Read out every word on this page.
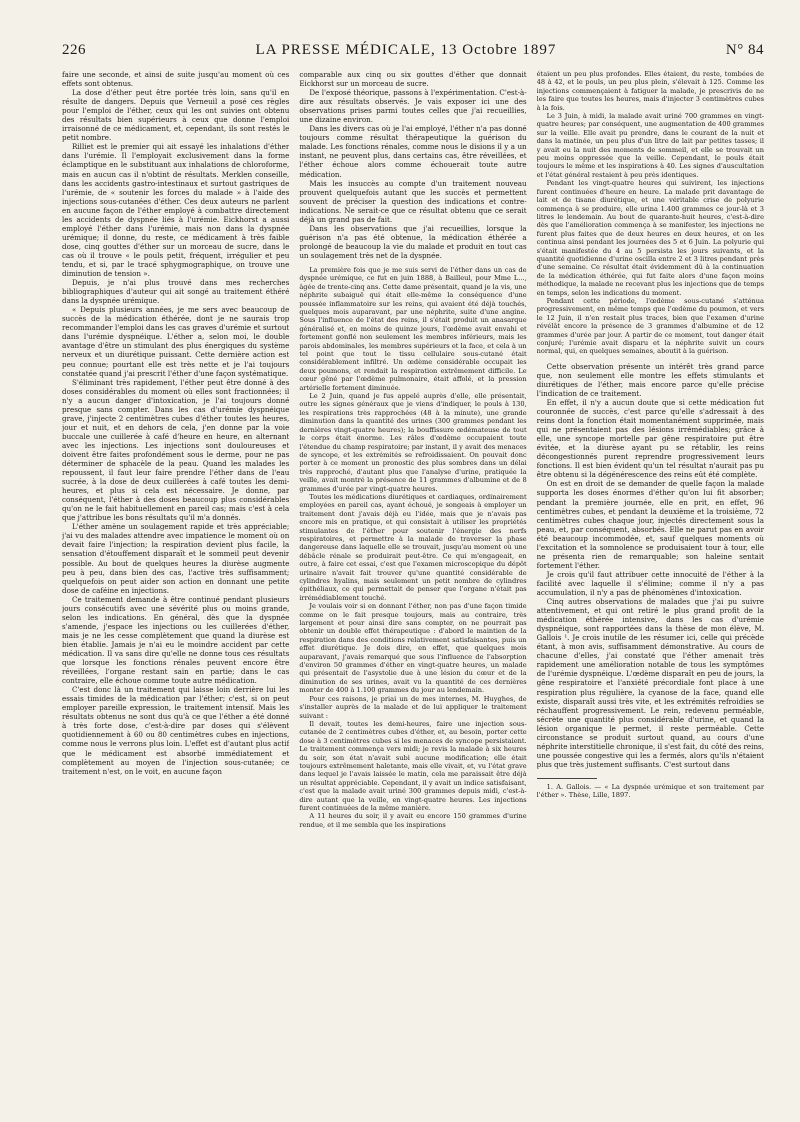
226	LA PRESSE MÉDICALE, 13 Octobre 1897	N° 84

faire une seconde, et ainsi de suite jusqu'au moment où ces effets sont obtenus.

La dose d'éther peut être portée très loin, sans qu'il en résulte de dangers. Depuis que Verneuil a posé ces règles pour l'emploi de l'éther, ceux qui les ont suivies ont obtenu des résultats bien supérieurs à ceux que donne l'emploi irraisonné de ce médicament, et, cependant, ils sont restés le petit nombre.

Rilliet est le premier qui ait essayé les inhalations d'éther dans l'urémie. Il l'employait exclusivement dans la forme éclamptique en le substituant aux inhalations de chloroforme, mais en aucun cas il n'obtint de résultats. Merklen conseille, dans les accidents gastro-intestinaux et surtout gastriques de l'urémie, de « soutenir les forces du malade » à l'aide des injections sous-cutanées d'éther. Ces deux auteurs ne parlent en aucune façon de l'éther employé à combattre directement les accidents de dyspnée liés à l'urémie. Eickhorst a aussi employé l'éther dans l'urémie, mais non dans la dyspnée urémique; il donne, du reste, ce médicament à très faible dose, cinq gouttes d'éther sur un morceau de sucre, dans le cas où il trouve « le pouls petit, fréquent, irrégulier et peu tendu, et si, par le tracé sphygmographique, on trouve une diminution de tension ».

Depuis, je n'ai plus trouvé dans mes recherches bibliographiques d'auteur qui ait songé au traitement éthéré dans la dyspnée urémique.

« Depuis plusieurs années, je me sers avec beaucoup de succès de la médication éthérée, dont je ne saurais trop recommander l'emploi dans les cas graves d'urémie et surtout dans l'urémie dyspnéique. L'éther a, selon moi, le double avantage d'être un stimulant des plus énergiques du système nerveux et un diurétique puissant. Cette dernière action est peu connue; pourtant elle est très nette et je l'ai toujours constatée quand j'ai prescrit l'éther d'une façon systématique.

S'éliminant très rapidement, l'éther peut être donné à des doses considérables du moment où elles sont fractionnées; il n'y a aucun danger d'intoxication, je l'ai toujours donné presque sans compter. Dans les cas d'urémie dyspnéique grave, j'injecte 2 centimètres cubes d'éther toutes les heures, jour et nuit, et en dehors de cela, j'en donne par la voie buccale une cuillerée à café d'heure en heure, en alternant avec les injections. Les injections sont douloureuses et doivent être faites profondément sous le derme, pour ne pas déterminer de sphacèle de la peau. Quand les malades les repoussent, il faut leur faire prendre l'éther dans de l'eau sucrée, à la dose de deux cuillerées à café toutes les demi-heures, et plus si cela est nécessaire. Je donne, par conséquent, l'éther à des doses beaucoup plus considérables qu'on ne le fait habituellement en pareil cas; mais c'est à cela que j'attribue les bons résultats qu'il m'a donnés.

L'éther amène un soulagement rapide et très appréciable; j'ai vu des malades attendre avec impatience le moment où on devait faire l'injection; la respiration devient plus facile, la sensation d'étouffement disparaît et le sommeil peut devenir possible. Au bout de quelques heures la diurèse augmente peu à peu, dans bien des cas, l'active très suffisamment; quelquefois on peut aider son action en donnant une petite dose de caféine en injections.

Ce traitement demande à être continué pendant plusieurs jours consécutifs avec une sévérité plus ou moins grande, selon les indications. En général, dès que la dyspnée s'amende, j'espace les injections ou les cuillerées d'éther, mais je ne les cesse complètement que quand la diurèse est bien établie. Jamais je n'ai eu le moindre accident par cette médication. Il va sans dire qu'elle ne donne tous ces résultats que lorsque les fonctions rénales peuvent encore être réveillées, l'organe restant sain en partie; dans le cas contraire, elle échoue comme toute autre médication.

C'est donc là un traitement qui laisse loin derrière lui les essais timides de la médication par l'éther; c'est, si on peut employer pareille expression, le traitement intensif. Mais les résultats obtenus ne sont dus qu'à ce que l'éther a été donné à très forte dose, c'est-à-dire par doses qui s'élèvent quotidiennement à 60 ou 80 centimètres cubes en injections, comme nous le verrons plus loin. L'effet est d'autant plus actif que le médicament est absorbé immédiatement et complètement au moyen de l'injection sous-cutanée; ce traitement n'est, on le voit, en aucune façon

comparable aux cinq ou six gouttes d'éther que donnait Eickhorst sur un morceau de sucre.

De l'exposé théorique, passons à l'expérimentation. C'est-à-dire aux résultats observés. Je vais exposer ici une des observations prises parmi toutes celles que j'ai recueillies, une dizaine environ.

Dans les divers cas où je l'ai employé, l'éther n'a pas donné toujours comme résultat thérapeutique la guérison du malade. Les fonctions rénales, comme nous le disions il y a un instant, ne peuvent plus, dans certains cas, être réveillées, et l'éther échoue alors comme échouerait toute autre médication.

Mais les insuccès au compte d'un traitement nouveau prouvent quelquefois autant que les succès et permettent souvent de préciser la question des indications et contre-indications. Ne serait-ce que ce résultat obtenu que ce serait déjà un grand pas de fait.

Dans les observations que j'ai recueillies, lorsque la guérison n'a pas été obtenue, la médication éthérée a prolongé de beaucoup la vie du malade et produit en tout cas un soulagement très net de la dyspnée.

La première fois que je me suis servi de l'éther dans un cas de dyspnée urémique, ce fut en juin 1888, à Bailleul, pour Mme L..., âgée de trente-cinq ans. Cette dame présentait, quand je la vis, une néphrite subaiguë qui était elle-même la conséquence d'une poussée inflammatoire sur les reins, qui avaient été déjà touchés, quelques mois auparavant, par une néphrite, suite d'une angine. Sous l'influence de l'état des reins, il s'était produit un anasarque généralisé et, en moins de quinze jours, l'œdème avait envahi et fortement gonflé non seulement les membres inférieurs, mais les parois abdominales, les membres supérieurs et la face, et cela à un tel point que tout le tissu cellulaire sous-cutané était considérablement infiltré. Un œdème considérable occupait les deux poumons, et rendait la respiration extrêmement difficile. Le cœur gêné par l'œdème pulmonaire, était affolé, et la pression artérielle fortement diminuée.

Le 2 Juin, quand je fus appelé auprès d'elle, elle présentait, outre les signes généraux que je viens d'indiquer, le pouls à 130, les respirations très rapprochées (48 à la minute), une grande diminution dans la quantité des urines (300 grammes pendant les dernières vingt-quatre heures); la bouffissure œdémateuse de tout le corps était énorme. Les râles d'œdème occupaient toute l'étendue du champ respiratoire; par instant, il y avait des menaces de syncope, et les extrémités se refroidissaient. On pouvait donc porter à ce moment un pronostic des plus sombres dans un délai très rapproché, d'autant plus que l'analyse d'urine, pratiquée la veille, avait montré la présence de 11 grammes d'albumine et de 8 grammes d'urée par vingt-quatre heures.

Toutes les médications diurétiques et cardiaques, ordinairement employées en pareil cas, ayant échoué, je songeais à employer un traitement dont j'avais déjà eu l'idée, mais que je n'avais pas encore mis en pratique, et qui consistait à utiliser les propriétés stimulantes de l'éther pour soutenir l'énergie des nerfs respiratoires, et permettre à la malade de traverser la phase dangereuse dans laquelle elle se trouvait, jusqu'au moment où une débâcle rénale se produirait peut-être. Ce qui m'engageait, en outre, à faire cet essai, c'est que l'examen microscopique du dépôt urinaire n'avait fait trouver qu'une quantité considérable de cylindres hyalins, mais seulement un petit nombre de cylindres épithéliaux, ce qui permettait de penser que l'organe n'était pas irrémédiablement touché.

Je voulais voir si en donnant l'éther, non pas d'une façon timide comme on le fait presque toujours, mais au contraire, très largement et pour ainsi dire sans compter, on ne pourrait pas obtenir un double effet thérapeutique : d'abord le maintien de la respiration dans des conditions relativement satisfaisantes, puis un effet diurétique. Je dois dire, en effet, que quelques mois auparavant, j'avais remarqué que sous l'influence de l'absorption d'environ 50 grammes d'éther en vingt-quatre heures, un malade qui présentait de l'asystolie due à une lésion du cœur et de la diminution de ses urines, avait vu la quantité de ces dernières monter de 400 à 1.100 grammes du jour au lendemain.

Pour ces raisons, je priai un de mes internes, M. Huyghes, de s'installer auprès de la malade et de lui appliquer le traitement suivant :

Il devait, toutes les demi-heures, faire une injection sous-cutanée de 2 centimètres cubes d'éther, et, au besoin, porter cette dose à 3 centimètres cubes si les menaces de syncope persistaient. Le traitement commença vers midi; je revis la malade à six heures du soir, son état n'avait subi aucune modification; elle était toujours extrêmement haletante, mais elle vivait, et, vu l'état grave dans lequel je l'avais laissée le matin, cela me paraissait être déjà un résultat appréciable. Cependant, il y avait un indice satisfaisant, c'est que la malade avait uriné 300 grammes depuis midi, c'est-à-dire autant que la veille, en vingt-quatre heures. Les injections furent continuées de la même manière.

A 11 heures du soir, il y avait eu encore 150 grammes d'urine rendue, et il me sembla que les inspirations

étaient un peu plus profondes. Elles étaient, du reste, tombées de 48 à 42, et le pouls, un peu plus plein, s'élevait à 125. Comme les injections commençaient à fatiguer la malade, je prescrivis de ne les faire que toutes les heures, mais d'injecter 3 centimètres cubes à la fois.

Le 3 Juin, à midi, la malade avait uriné 700 grammes en vingt-quatre heures; par conséquent, une augmentation de 400 grammes sur la veille. Elle avait pu prendre, dans le courant de la nuit et dans la matinée, un peu plus d'un litre de lait par petites tasses; il y avait eu la nuit des moments de sommeil, et elle se trouvait un peu moins oppressée que la veille. Cependant, le pouls était toujours le même et les inspirations à 40. Les signes d'auscultation et l'état général restaient à peu près identiques.

Pendant les vingt-quatre heures qui suivirent, les injections furent continuées d'heure en heure. La malade prit davantage de lait et de tisane diurétique, et une véritable crise de polyurie commença à se produire, elle urina 1.400 grammes ce jour-là et 3 litres le lendemain. Au bout de quarante-huit heures, c'est-à-dire dès que l'amélioration commença à se manifester, les injections ne furent plus faites que de deux heures en deux heures, et on les continua ainsi pendant les journées des 5 et 6 Juin. La polyurie qui s'était manifestée du 4 au 5 persista les jours suivants, et la quantité quotidienne d'urine oscilla entre 2 et 3 litres pendant près d'une semaine. Ce résultat était évidemment dû à la continuation de la médication éthérée, qui fut faite alors d'une façon moins méthodique, la malade ne recevant plus les injections que de temps en temps, selon les indications du moment.

Pendant cette période, l'œdème sous-cutané s'atténua progressivement, en même temps que l'œdème du poumon, et vers le 12 Juin, il n'en restait plus traces, bien que l'examen d'urine révélât encore la présence de 3 grammes d'albumine et de 12 grammes d'urée par jour. A partir de ce moment, tout danger était conjuré; l'urémie avait disparu et la néphrite suivit un cours normal, qui, en quelques semaines, aboutit à la guérison.

Cette observation présente un intérêt très grand parce que, non seulement elle montre les effets stimulants et diurétiques de l'éther, mais encore parce qu'elle précise l'indication de ce traitement.

En effet, il n'y a aucun doute que si cette médication fut couronnée de succès, c'est parce qu'elle s'adressait à des reins dont la fonction était momentanément supprimée, mais qui ne présentaient pas des lésions irrémédiables; grâce à elle, une syncope mortelle par gêne respiratoire put être évitée, et la diurèse ayant pu se rétablir, les reins décongestionnés purent reprendre progressivement leurs fonctions. Il est bien évident qu'un tel résultat n'aurait pas pu être obtenu si la dégénérescence des reins eût été complète.

On est en droit de se demander de quelle façon la malade supporta les doses énormes d'éther qu'on lui fit absorber; pendant la première journée, elle en prit, en effet, 96 centimètres cubes, et pendant la deuxième et la troisième, 72 centimètres cubes chaque jour, injectés directement sous la peau, et, par conséquent, absorbés. Elle ne parut pas en avoir été beaucoup incommodée, et, sauf quelques moments où l'excitation et la somnolence se produisaient tour à tour, elle ne présenta rien de remarquable; son haleine sentait fortement l'éther.

Je crois qu'il faut attribuer cette innocuité de l'éther à la facilité avec laquelle il s'élimine; comme il n'y a pas accumulation, il n'y a pas de phénomènes d'intoxication.

Cinq autres observations de malades que j'ai pu suivre attentivement, et qui ont retiré le plus grand profit de la médication éthérée intensive, dans les cas d'urémie dyspnéique, sont rapportées dans la thèse de mon élève, M. Gallois ¹. Je crois inutile de les résumer ici, celle qui précède étant, à mon avis, suffisamment démonstrative. Au cours de chacune d'elles, j'ai constaté que l'éther amenait très rapidement une amélioration notable de tous les symptômes de l'urémie dyspnéique. L'œdème disparaît en peu de jours, la gêne respiratoire et l'anxiété précordiale font place à une respiration plus régulière, la cyanose de la face, quand elle existe, disparaît aussi très vite, et les extrémités refroidies se réchauffent progressivement. Le rein, redevenu perméable, sécrète une quantité plus considérable d'urine, et quand la lésion organique le permet, il reste perméable. Cette circonstance se produit surtout quand, au cours d'une néphrite interstitielle chronique, il s'est fait, du côté des reins, une poussée congestive qui les a fermés, alors qu'ils n'étaient plus que très justement suffisants. C'est surtout dans

1. A. Gallois. — « La dyspnée urémique et son traitement par l'éther ». Thèse, Lille, 1897.
